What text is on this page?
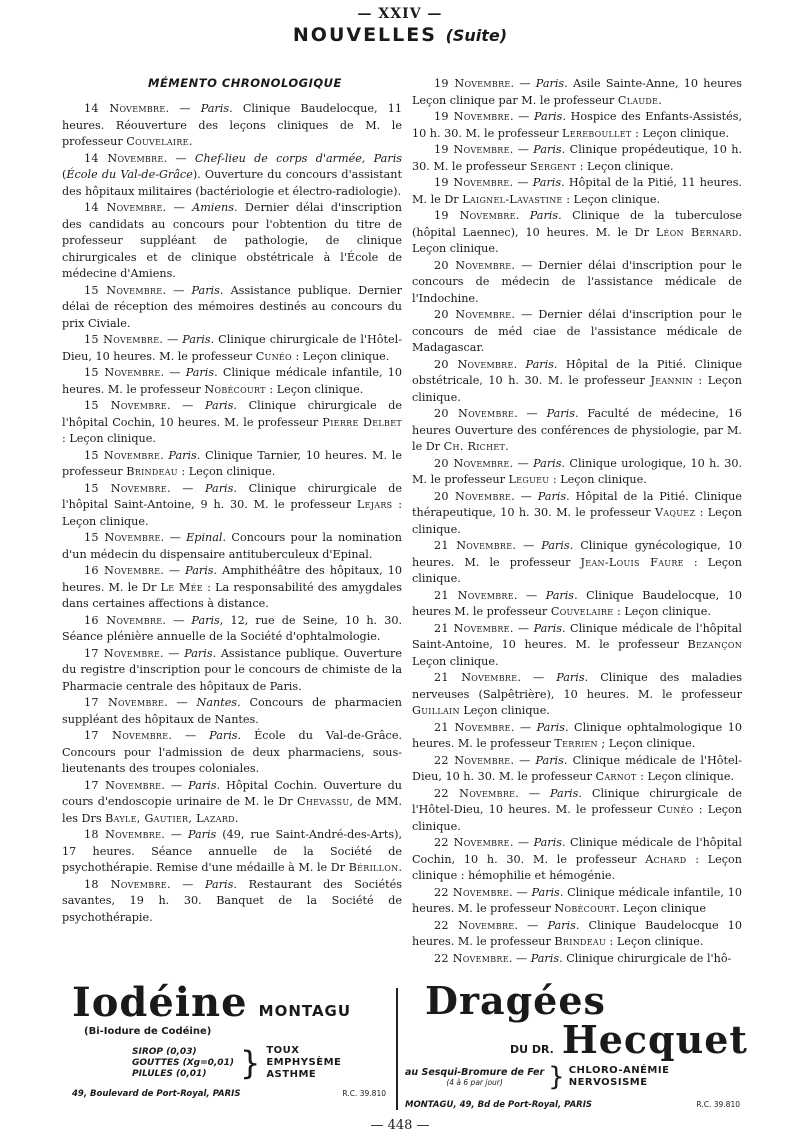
— XXIV —
NOUVELLES (Suite)
MÉMENTO CHRONOLOGIQUE

14 Novembre. — Paris. Clinique Baudelocque, 11 heures. Réouverture des leçons cliniques de M. le professeur Couvelaire.

14 Novembre. — Chef-lieu de corps d'armée, Paris (École du Val-de-Grâce). Ouverture du concours d'assistant des hôpitaux militaires (bactériologie et électro-radiologie).

14 Novembre. — Amiens. Dernier délai d'inscription des candidats au concours pour l'obtention du titre de professeur suppléant de pathologie, de clinique chirurgicales et de clinique obstétricale à l'École de médecine d'Amiens.

15 Novembre. — Paris. Assistance publique. Dernier délai de réception des mémoires destinés au concours du prix Civiale.

15 Novembre. — Paris. Clinique chirurgicale de l'Hôtel-Dieu, 10 heures. M. le professeur Cunéo : Leçon clinique.

15 Novembre. — Paris. Clinique médicale infantile, 10 heures. M. le professeur Nobécourt : Leçon clinique.

15 Novembre. — Paris. Clinique chirurgicale de l'hôpital Cochin, 10 heures. M. le professeur Pierre Delbet : Leçon clinique.

15 Novembre. Paris. Clinique Tarnier, 10 heures. M. le professeur Brindeau : Leçon clinique.

15 Novembre. — Paris. Clinique chirurgicale de l'hôpital Saint-Antoine, 9 h. 30. M. le professeur Lejars : Leçon clinique.

15 Novembre. — Epinal. Concours pour la nomination d'un médecin du dispensaire antituberculeux d'Epinal.

16 Novembre. — Paris. Amphithéâtre des hôpitaux, 10 heures. M. le Dr Le Mée : La responsabilité des amygdales dans certaines affections à distance.

16 Novembre. — Paris, 12, rue de Seine, 10 h. 30. Séance plénière annuelle de la Société d'ophtalmologie.

17 Novembre. — Paris. Assistance publique. Ouverture du registre d'inscription pour le concours de chimiste de la Pharmacie centrale des hôpitaux de Paris.

17 Novembre. — Nantes. Concours de pharmacien suppléant des hôpitaux de Nantes.

17 Novembre. — Paris. École du Val-de-Grâce. Concours pour l'admission de deux pharmaciens, sous-lieutenants des troupes coloniales.

17 Novembre. — Paris. Hôpital Cochin. Ouverture du cours d'endoscopie urinaire de M. le Dr Chevassu, de MM. les Drs Bayle, Gautier, Lazard.

18 Novembre. — Paris (49, rue Saint-André-des-Arts), 17 heures. Séance annuelle de la Société de psychothérapie. Remise d'une médaille à M. le Dr Bérillon.

18 Novembre. — Paris. Restaurant des Sociétés savantes, 19 h. 30. Banquet de la Société de psychothérapie.

19 Novembre. — Paris. Asile Sainte-Anne, 10 heures Leçon clinique par M. le professeur Claude.

19 Novembre. — Paris. Hospice des Enfants-Assistés, 10 h. 30. M. le professeur Lereboullet : Leçon clinique.

19 Novembre. — Paris. Clinique propédeutique, 10 h. 30. M. le professeur Sergent : Leçon clinique.

19 Novembre. — Paris. Hôpital de la Pitié, 11 heures. M. le Dr Laignel-Lavastine : Leçon clinique.

19 Novembre. Paris. Clinique de la tuberculose (hôpital Laennec), 10 heures. M. le Dr Léon Bernard. Leçon clinique.

20 Novembre. — Dernier délai d'inscription pour le concours de médecin de l'assistance médicale de l'Indochine.

20 Novembre. — Dernier délai d'inscription pour le concours de méd ciae de l'assistance médicale de Madagascar.

20 Novembre. Paris. Hôpital de la Pitié. Clinique obstétricale, 10 h. 30. M. le professeur Jeannin : Leçon clinique.

20 Novembre. — Paris. Faculté de médecine, 16 heures Ouverture des conférences de physiologie, par M. le Dr Ch. Richet.

20 Novembre. — Paris. Clinique urologique, 10 h. 30. M. le professeur Legueu : Leçon clinique.

20 Novembre. — Paris. Hôpital de la Pitié. Clinique thérapeutique, 10 h. 30. M. le professeur Vaquez : Leçon clinique.

21 Novembre. — Paris. Clinique gynécologique, 10 heures. M. le professeur Jean-Louis Faure : Leçon clinique.

21 Novembre. — Paris. Clinique Baudelocque, 10 heures M. le professeur Couvelaire : Leçon clinique.

21 Novembre. — Paris. Clinique médicale de l'hôpital Saint-Antoine, 10 heures. M. le professeur Bezançon Leçon clinique.

21 Novembre. — Paris. Clinique des maladies nerveuses (Salpêtrière), 10 heures. M. le professeur Guillain Leçon clinique.

21 Novembre. — Paris. Clinique ophtalmologique 10 heures. M. le professeur Terrien ; Leçon clinique.

22 Novembre. — Paris. Clinique médicale de l'Hôtel-Dieu, 10 h. 30. M. le professeur Carnot : Leçon clinique.

22 Novembre. — Paris. Clinique chirurgicale de l'Hôtel-Dieu, 10 heures. M. le professeur Cunéo : Leçon clinique.

22 Novembre. — Paris. Clinique médicale de l'hôpital Cochin, 10 h. 30. M. le professeur Achard : Leçon clinique : hémophilie et hémogénie.

22 Novembre. — Paris. Clinique médicale infantile, 10 heures. M. le professeur Nobécourt. Leçon clinique

22 Novembre. — Paris. Clinique Baudelocque 10 heures. M. le professeur Brindeau : Leçon clinique.

22 Novembre. — Paris. Clinique chirurgicale de l'hô-

Iodéine MONTAGU
(Bi-Iodure de Codéine)
SIROP (0,03)
GOUTTES (Xg=0,01)
PILULES (0,01)	} TOUX
EMPHYSÈME
ASTHME
49, Boulevard de Port-Royal, PARIS	R.C. 39.810
Dragées
DU DR. Hecquet
au Sesqui-Bromure de Fer
(4 à 6 par jour)	} CHLORO-ANÉMIE
NERVOSISME
MONTAGU, 49, Bd de Port-Royal, PARIS	R.C. 39.810
— 448 —
